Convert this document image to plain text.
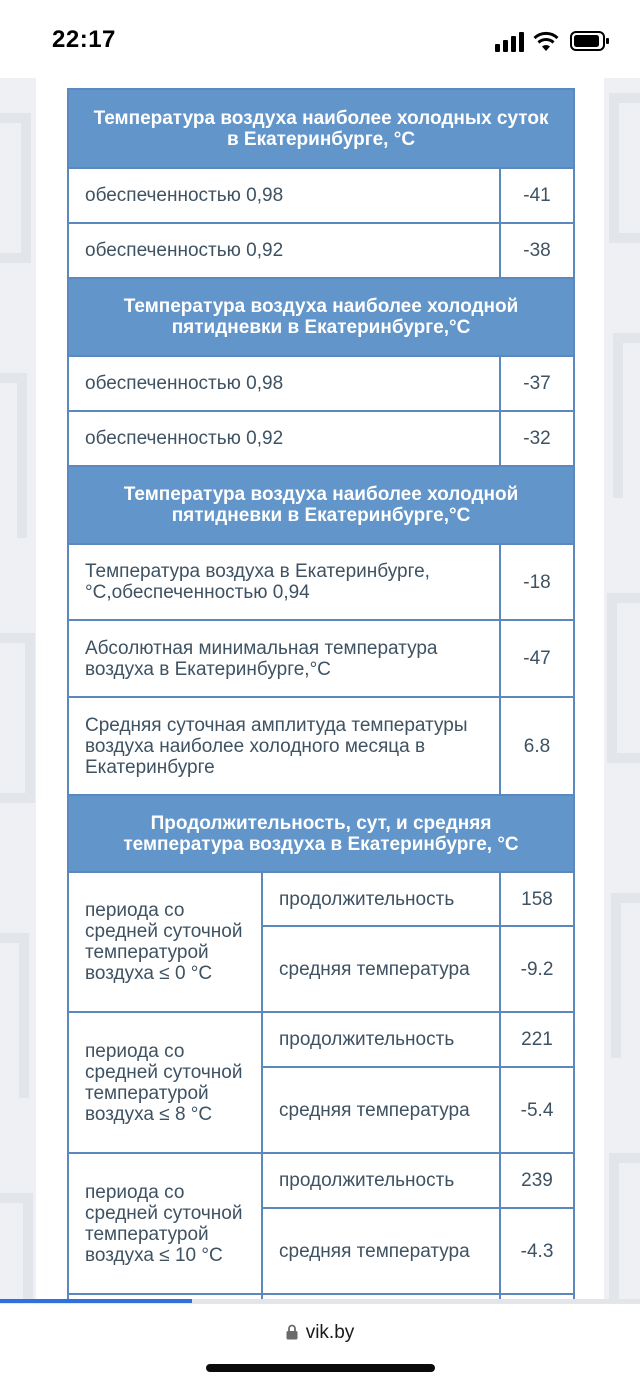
22:17
Температура воздуха наиболее холодных суток в Екатеринбурге, °С		
обеспеченностью 0,98		-41
обеспеченностью 0,92		-38
Температура воздуха наиболее холодной пятидневки в Екатеринбурге,°С		
обеспеченностью 0,98		-37
обеспеченностью 0,92		-32
Температура воздуха наиболее холодной пятидневки в Екатеринбурге,°С		
Температура воздуха в Екатеринбурге, °С,обеспеченностью 0,94		-18
Абсолютная минимальная температура воздуха в Екатеринбурге,°С		-47
Средняя суточная амплитуда температуры воздуха наиболее холодного месяца в Екатеринбурге		6.8
Продолжительность, сут, и средняя температура воздуха в Екатеринбурге, °С		
периода со средней суточной температурой воздуха ≤ 0 °С	продолжительность	158
	средняя температура	-9.2
периода со средней суточной температурой воздуха ≤ 8 °С	продолжительность	221
	средняя температура	-5.4
периода со средней суточной температурой воздуха ≤ 10 °С	продолжительность	239
	средняя температура	-4.3

vik.by
